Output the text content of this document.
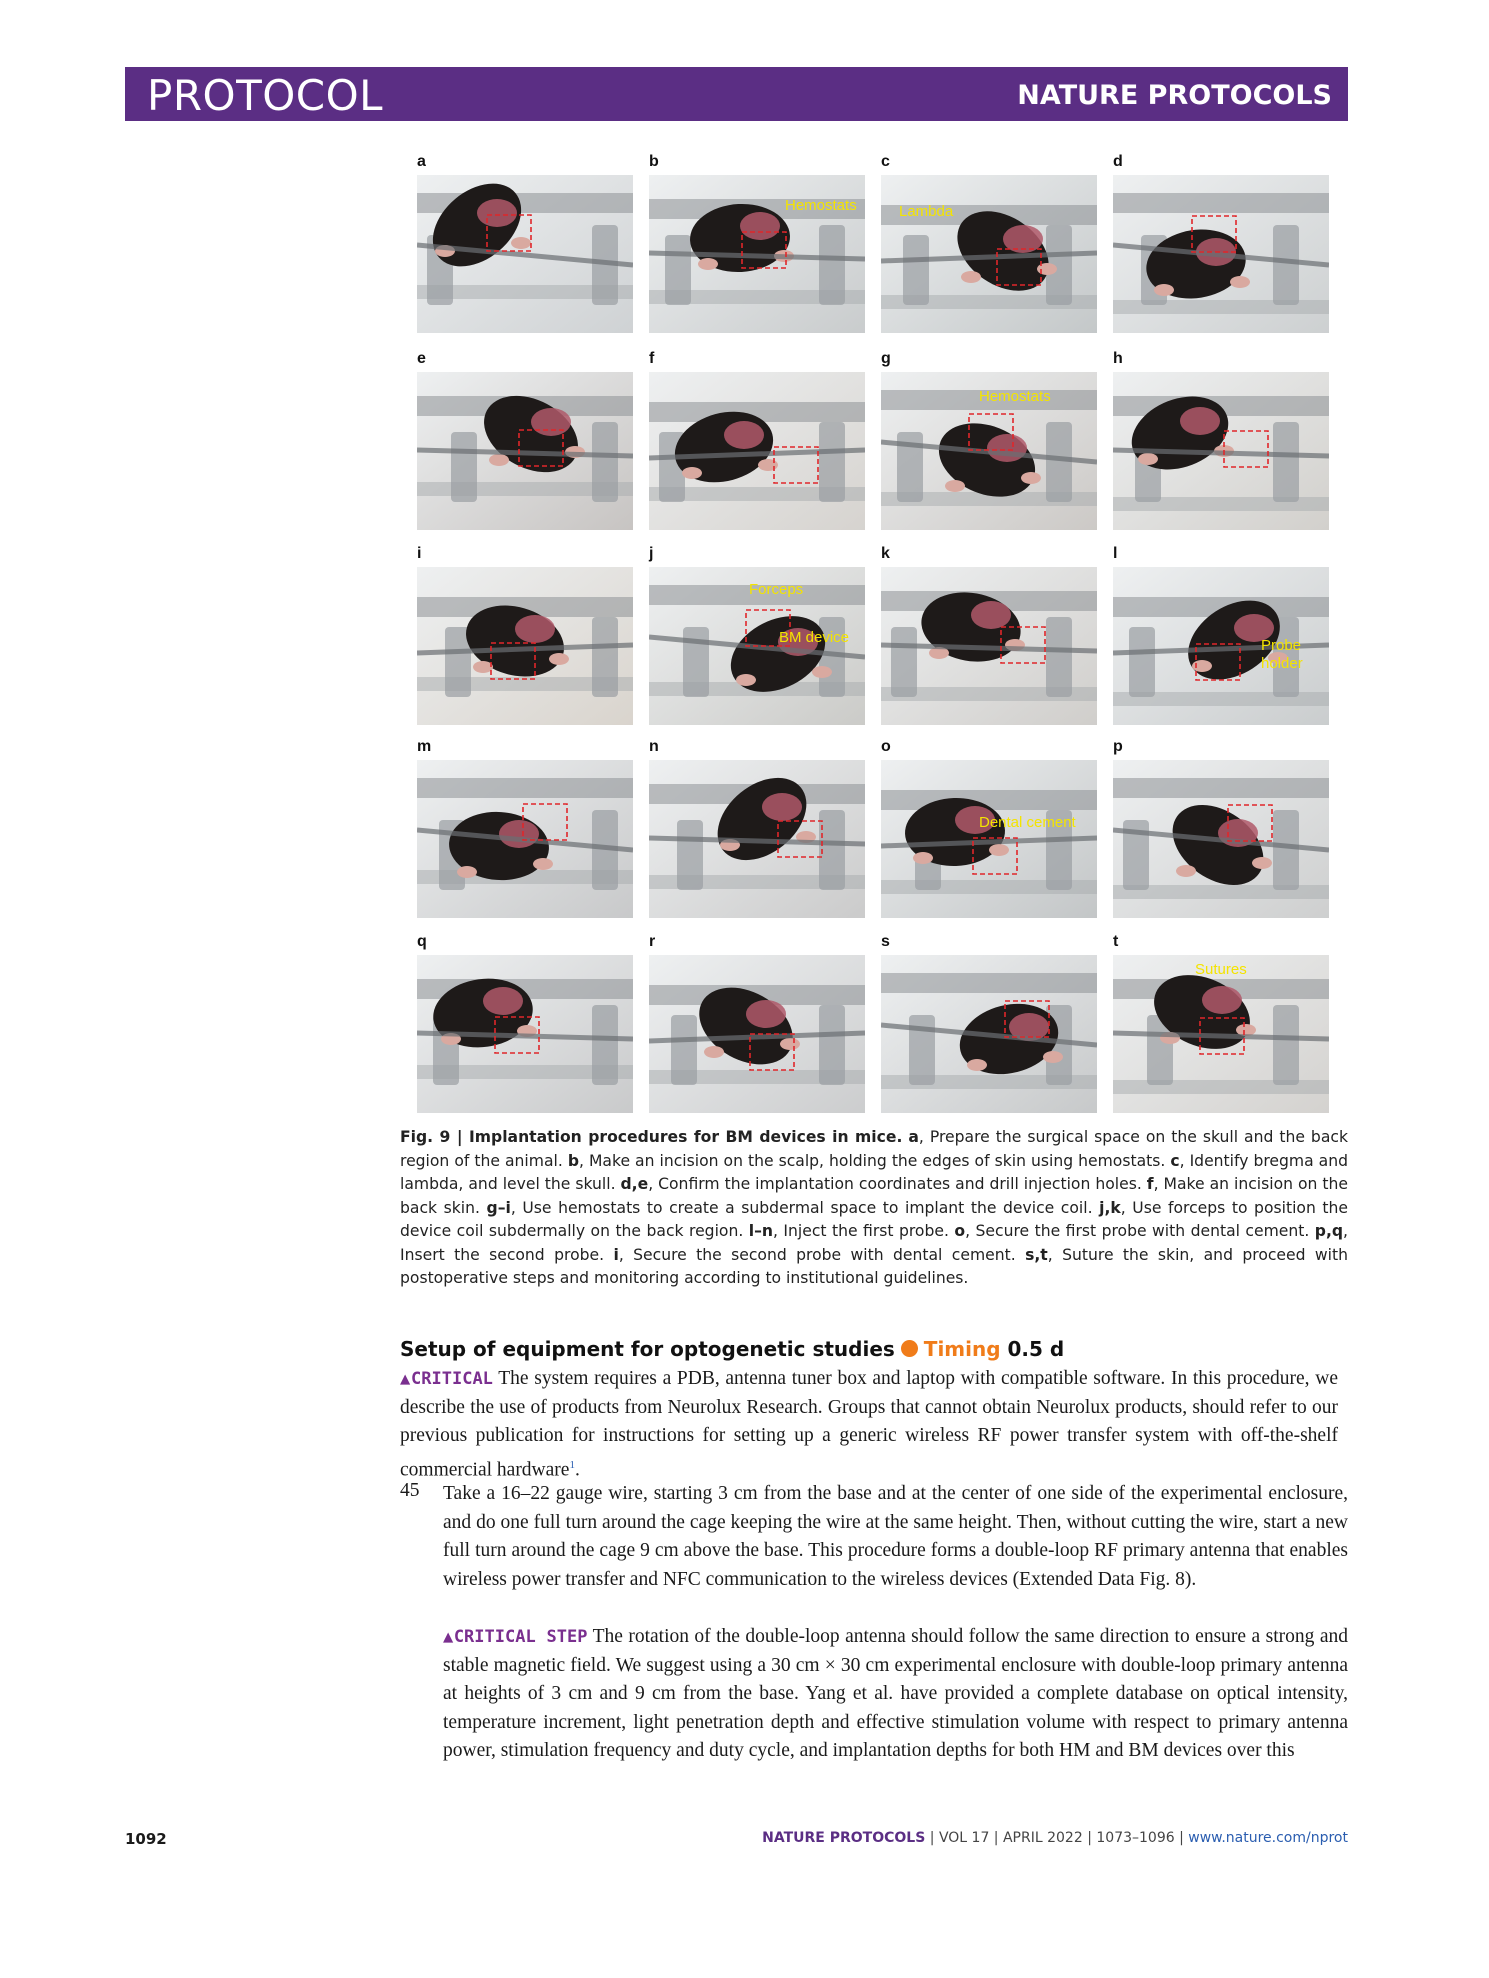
PROTOCOL	NATURE PROTOCOLS
a	b
Hemostats
c
Lambda
d
e	f	g
Hemostats
h
i	j
Forceps
BM device
k	l
Probe holder
m	n	o
Dental cement
p
q	r	s	t
Sutures
Fig. 9 | Implantation procedures for BM devices in mice. a, Prepare the surgical space on the skull and the back region of the animal. b, Make an incision on the scalp, holding the edges of skin using hemostats. c, Identify bregma and lambda, and level the skull. d,e, Confirm the implantation coordinates and drill injection holes. f, Make an incision on the back skin. g–i, Use hemostats to create a subdermal space to implant the device coil. j,k, Use forceps to position the device coil subdermally on the back region. l–n, Inject the first probe. o, Secure the first probe with dental cement. p,q, Insert the second probe. i, Secure the second probe with dental cement. s,t, Suture the skin, and proceed with postoperative steps and monitoring according to institutional guidelines.
Setup of equipment for optogenetic studies Timing 0.5 d
▲CRITICAL The system requires a PDB, antenna tuner box and laptop with compatible software. In this procedure, we describe the use of products from Neurolux Research. Groups that cannot obtain Neurolux products, should refer to our previous publication for instructions for setting up a generic wireless RF power transfer system with off-the-shelf commercial hardware$^1$.
45 Take a 16–22 gauge wire, starting 3 cm from the base and at the center of one side of the experimental enclosure, and do one full turn around the cage keeping the wire at the same height. Then, without cutting the wire, start a new full turn around the cage 9 cm above the base. This procedure forms a double-loop RF primary antenna that enables wireless power transfer and NFC communication to the wireless devices (Extended Data Fig. 8).
▲CRITICAL STEP The rotation of the double-loop antenna should follow the same direction to ensure a strong and stable magnetic field. We suggest using a 30 cm × 30 cm experimental enclosure with double-loop primary antenna at heights of 3 cm and 9 cm from the base. Yang et al. have provided a complete database on optical intensity, temperature increment, light penetration depth and effective stimulation volume with respect to primary antenna power, stimulation frequency and duty cycle, and implantation depths for both HM and BM devices over this
1092	NATURE PROTOCOLS | VOL 17 | APRIL 2022 | 1073–1096 | www.nature.com/nprot
